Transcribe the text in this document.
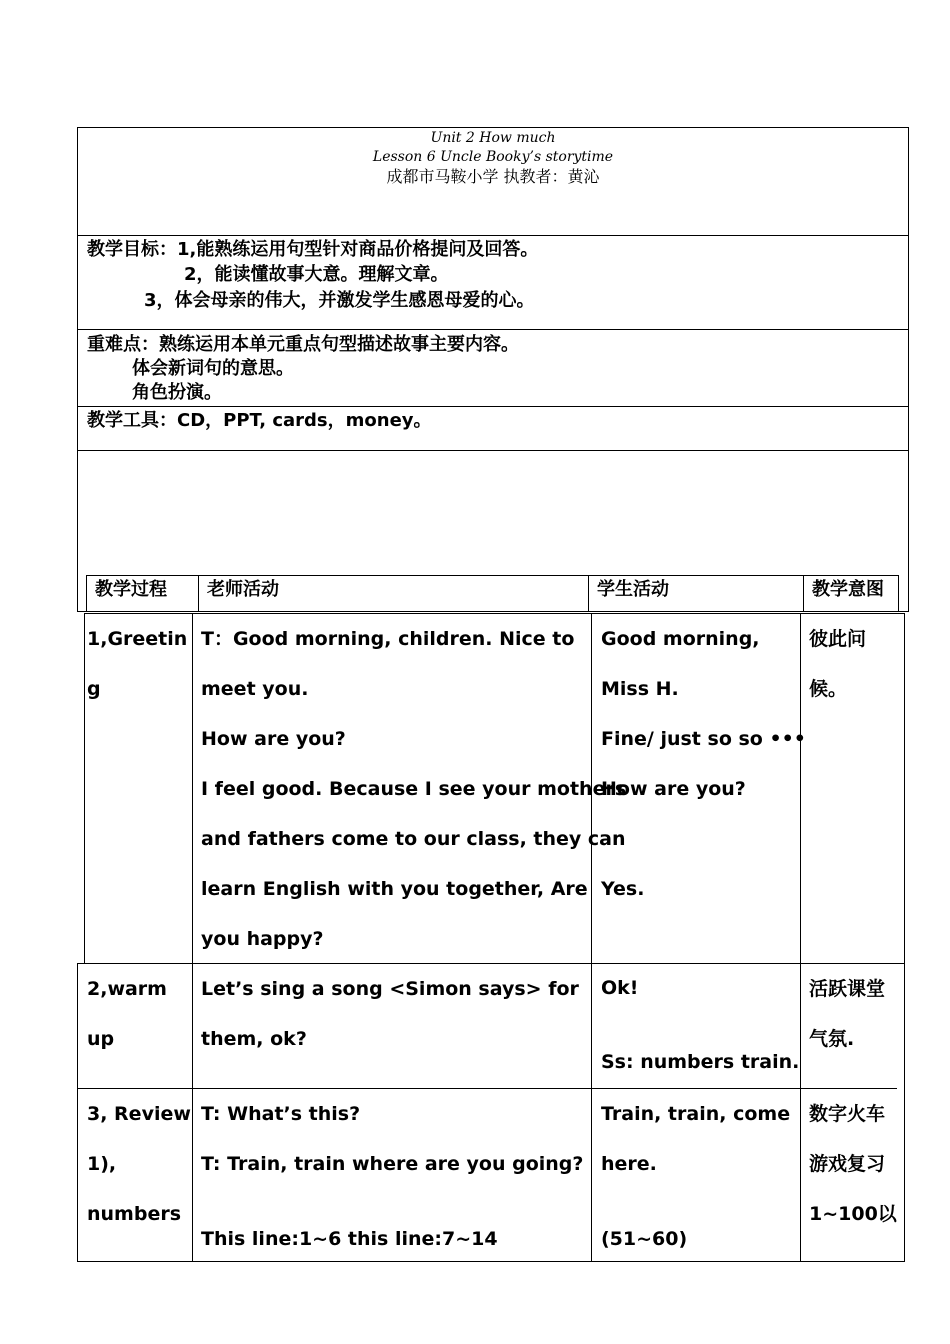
Unit 2 How much
Lesson 6 Uncle Booky’s storytime
成都市马鞍小学 执教者：黄沁
教学目标：1,能熟练运用句型针对商品价格提问及回答。
2，能读懂故事大意。理解文章。
3，体会母亲的伟大，并激发学生感恩母爱的心。
重难点：熟练运用本单元重点句型描述故事主要内容。
体会新词句的意思。
角色扮演。
教学工具：CD，PPT, cards，money。
教学过程 老师活动	学生活动	教学意图
1,Greetin
g
T：Good morning, children. Nice to
meet you.
How are you?
I feel good. Because I see your mothers
and fathers come to our class, they can
learn English with you together, Are
you happy?
Good morning,
Miss H.
Fine/ just so so •••
How are you?
Yes.
彼此问
候。
2,warm
up
Let’s sing a song <Simon says> for
them, ok?
Ok!
Ss: numbers train.
活跃课堂
气氛.
3, Review
1),
numbers
T: What’s this?
T: Train, train where are you going?
This line:1~6 this line:7~14
Train, train, come
here.
(51~60)
数字火车
游戏复习
1~100以
